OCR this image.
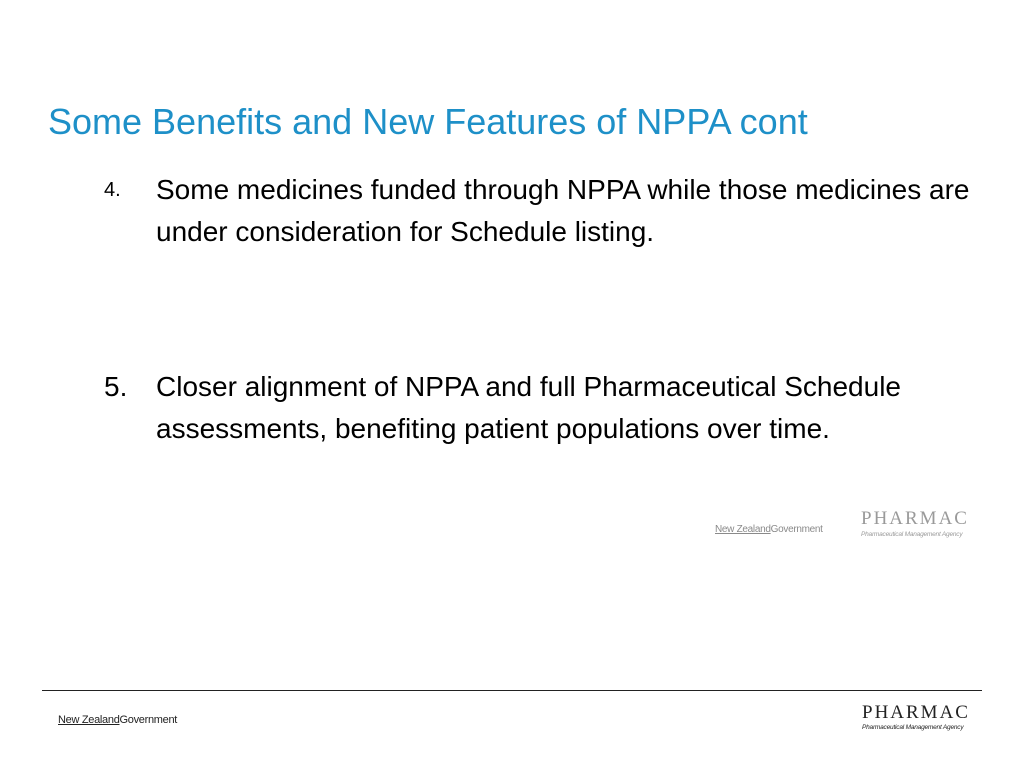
Some Benefits and New Features of NPPA cont
4.	Some medicines funded through NPPA while those medicines are under consideration for Schedule listing.
5.	Closer alignment of NPPA and full Pharmaceutical Schedule assessments, benefiting patient populations over time.
New ZealandGovernment
PHARMAC
Pharmaceutical Management Agency
New ZealandGovernment	PHARMAC
Pharmaceutical Management Agency
